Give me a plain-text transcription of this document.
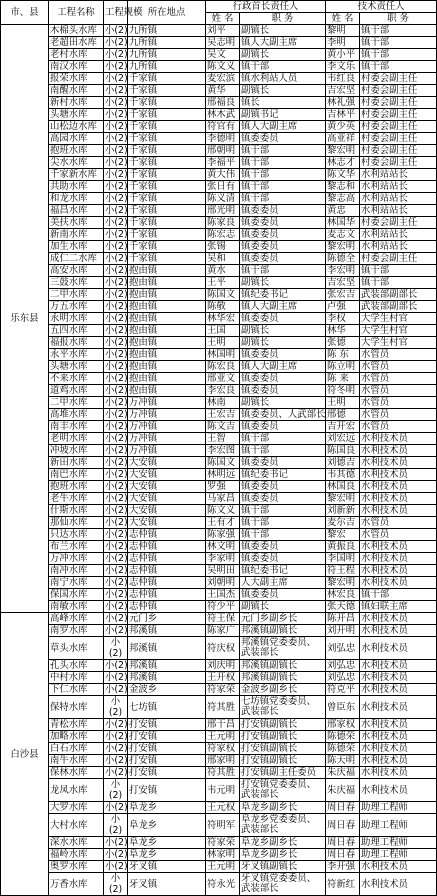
市、县	工程名称	工程规模	所在地点	行政首长责任人		技术责任人	
				姓 名	职 务	姓 名	职 务
乐东县	木棉头水库	小(2)	九所镇	刘平	副镇长	黎明	镇干部
	老超田水库	小(2)	九所镇	吴志明	镇人大副主席	李明	镇干部
	老村水库	小(2)	九所镇	吴文	副镇长	黄小平	镇干部
	南汉水库	小(2)	九所镇	陈文义	镇干部	李文乐	镇干部
	报荣水库	小(2)	千家镇	麦宏滨	镇水利站人员	韦红良	村委会副主任
	南醒水库	小(2)	千家镇	黄华	副镇长	吉宏坚	村委会副主任
	新村水库	小(2)	千家镇	邢福良	镇长	林礼强	村委会副主任
	头塘水库	小(2)	千家镇	林木武	副镇书记	吉林平	村委会副主任
	山松边水库	小(2)	千家镇	符官有	镇人大副主席	黄少英	村委会副主任
	高园水库	小(2)	千家镇	李德明	镇委委员	高亚祥	村委会副主任
	抱班水库	小(2)	千家镇	邢朝明	镇干部	黎宏明	村委会副主任
	尖水水库	小(2)	千家镇	李福平	镇干部	林志才	村委会副主任
	千家新水库	小(2)	千家镇	黄大伟	镇干部	陈文华	水利站站长
	共助水库	小(2)	千家镇	张日有	镇干部	黎志和	水利站站长
	和龙水库	小(2)	千家镇	陈义清	镇干部	黎志高	水利站站长
	福昌水库	小(2)	千家镇	邢光明	镇委委员	黄忠	水利站站长
	美扶水库	小(2)	千家镇	陈家良	镇委委员	林国华	村委会副主任
	新南水库	小(2)	千家镇	陈宏志	镇委委员	麦志文	水利站站长
	加生水库	小(2)	千家镇	张锡	镇委委员	黎宏明	水利站站长
	成仁二水库	小(2)	千家镇	吴和	镇委委员	陈德全	村委会副主任
	高安水库	小(2)	抱由镇	黄水	镇干部	李宏明	镇干部
	三鼓水库	小(2)	抱由镇	王平	副镇长	吉宏坚	镇干部
	二甲水库	小(2)	抱由镇	陈国文	镇纪委书记	张宏吉	武装部副部长
	万五水库	小(2)	抱由镇	陈敬	镇人大副主席	卢强	武装部副部长
	永明水库	小(2)	抱由镇	林华宏	镇委委员	李权	大学生村官
	五四水库	小(2)	抱由镇	王国	副镇长	林华	大学生村官
	福报水库	小(2)	抱由镇	王明	副镇长	张德	大学生村官
	永平水库	小(2)	抱由镇	林国明	镇委委员	陈 东	水管员
	头塘水库	小(2)	抱由镇	陈宏良	镇人大副主席	陈立明	水管员
	不来水库	小(2)	抱由镇	邢亚文	镇委委员	陈 来	水管员
	道鸡水库	小(2)	抱由镇	李宏良	镇委委员	符冬明	水管员
	二甲水库	小(2)	万冲镇	林南	副镇长	王明	水管员
	高堆水库	小(2)	万冲镇	王宏吉	镇委委员、人武部长	邢德	水管员
	南丰水库	小(2)	万冲镇	陈文吉	镇委委员	吉开宏	水管员
	老明水库	小(2)	万冲镇	王智	镇干部	刘宏远	水利技术员
	冲坡水库	小(2)	万冲镇	李宏图	镇干部	陈国良	水利技术员
	新田水库	小(2)	大安镇	陈国文	镇委委员	刘德吉	水利技术员
	南巴水库	小(2)	大安镇	林明远	镇纪委书记	韦其德	水利技术员
	抱班水库	小(2)	大安镇	罗强	镇委委员	林国良	水利技术员
	老牛水库	小(2)	大安镇	马家昌	镇委委员	黎宏明	水利技术员
	什斯水库	小(2)	大安镇	陈文义	镇干部	刘新新	水利技术员
	那仙水库	小(2)	大安镇	王有才	镇干部	麦尔吉	水管员
	只达水库	小(2)	志仲镇	陈家强	镇干部	黎宏	水管员
	布兰水库	小(2)	志仲镇	林文明	镇委委员	黄振良	水利技术员
	万冲水库	小(2)	志仲镇	李家明	镇委委员	李国明	水利技术员
	南冲水库	小(2)	志仲镇	吴明田	镇纪委书记	符王程	水利技术员
	南宁水库	小(2)	志仲镇	刘朝明	人大副主席	黎宏明	水利技术员
	保国水库	小(2)	志仲镇	王国杰	镇委委员	林宏良	镇干部
	南敏水库	小(2)	志仲镇	符少平	副镇长	张天德	镇妇联主席
白沙县	高峰水库	小(2)	元门乡	符王保	元门乡副乡长	陈开昌	水利技术员
	南罗水库	小(2)	邦溪镇	陈家广	邦溪镇副镇长	刘开明	水利技术员
	草头水库	小(2)	邦溪镇	符庆权	邦溪镇党委委员、武装部长	刘弘忠	水利技术员
	孔头水库	小(2)	邦溪镇	刘庆明	邦溪镇副镇长	刘弘忠	水利技术员
	中村水库	小(2)	邦溪镇	王开权	邦溪镇副镇长	刘弘忠	水利技术员
	下仁水库	小(2)	金波乡	符家荣	金波乡副乡长	符克平	水利技术员
	保特水库	小(2)	七坊镇	符其胜	七坊镇党委委员、武装部长	曾臣东	水利技术员
	青松水库	小(2)	打安镇	邢干昌	打安镇副镇长	邢家权	水利技术员
	加略水库	小(2)	打安镇	王元明	打安镇副镇长	陈德荣	水利技术员
	白石水库	小(2)	打安镇	符家权	打安镇副镇长	陈德荣	水利技术员
	南牛水库	小(2)	打安镇	邢家明	打安镇副镇长	陈天明	水利技术员
	保林水库	小(2)	打安镇	符其胜	打安镇副主任委员	朱庆福	水利技术员
	龙凤水库	小(2)	打安镇	韦元明	打安镇党委委员、武装部长	朱庆福	水利技术员
	大罗水库	小(2)	阜龙乡	王元权	阜龙乡副乡长	周日春	助理工程师
	大村水库	小(2)	阜龙乡	符明军	阜龙乡党委委员、武装部长	周日春	助理工程师
	深水水库	小(2)	阜龙乡	符家荣	阜龙乡副乡长	周日春	助理工程师
	福岭水库	小(2)	阜龙乡	林家明	阜龙乡副乡长	周日春	助理工程师
	奥罗水库	小(2)	牙叉镇	王元明	牙叉镇副镇长	李开强	水利技术员
	万香水库	小(2)	牙叉镇	符永光	牙叉镇党委委员、武装部长	符新红	水利技术员
